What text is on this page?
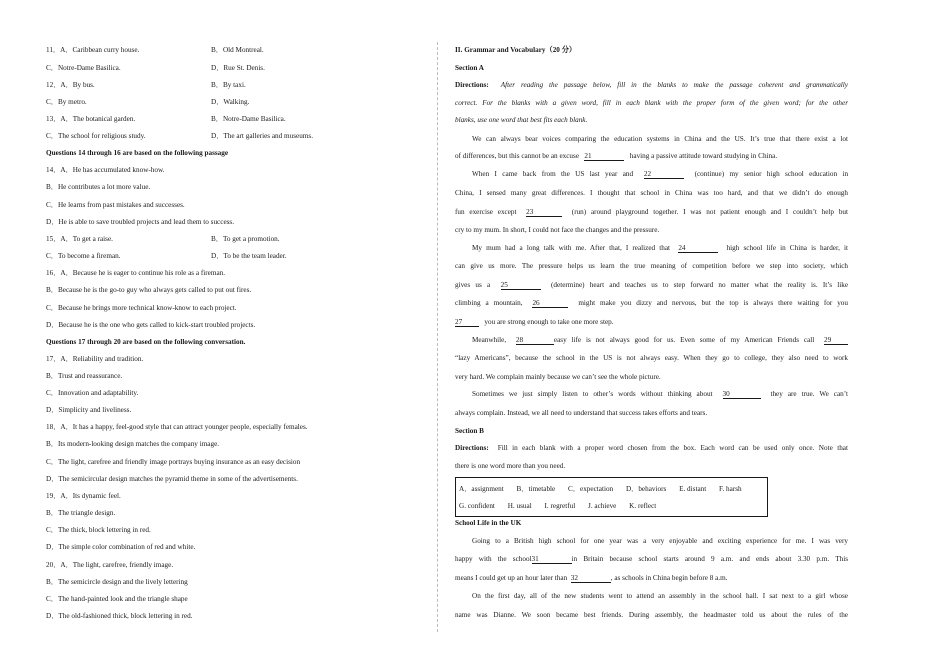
11．A．Caribbean curry house.	B．Old Montreal.
C．Notre-Dame Basilica.	D．Rue St. Denis.
12．A．By bus.	B．By taxi.
C．By metro.	D．Walking.
13．A．The botanical garden.	B．Notre-Dame Basilica.
C．The school for religious study.	D．The art galleries and museums.
Questions 14 through 16 are based on the following passage
14．A．He has accumulated know-how.
B．He contributes a lot more value.
C．He learns from past mistakes and successes.
D．He is able to save troubled projects and lead them to success.
15．A．To get a raise.	B．To get a promotion.
C．To become a fireman.	D．To be the team leader.
16．A．Because he is eager to continue his role as a fireman.
B．Because he is the go-to guy who always gets called to put out fires.
C．Because he brings more technical know-know to each project.
D．Because he is the one who gets called to kick-start troubled projects.
Questions 17 through 20 are based on the following conversation.
17．A．Reliability and tradition.
B．Trust and reassurance.
C．Innovation and adaptability.
D．Simplicity and liveliness.
18．A．It has a happy, feel-good style that can attract younger people, especially females.
B．Its modern-looking design matches the company image.
C．The light, carefree and friendly image portrays buying insurance as an easy decision
D．The semicircular design matches the pyramid theme in some of the advertisements.
19．A．Its dynamic feel.
B．The triangle design.
C．The thick, block lettering in red.
D．The simple color combination of red and white.
20．A．The light, carefree, friendly image.
B．The semicircle design and the lively lettering
C．The hand-painted look and the triangle shape
D．The old-fashioned thick, block lettering in red.
II. Grammar and Vocabulary（20 分）
Section A
Directions: After reading the passage below, fill in the blanks to make the passage coherent and grammatically
correct. For the blanks with a given word, fill in each blank with the proper form of the given word; for the other
blanks, use one word that best fits each blank.
We can always bear voices comparing the education systems in China and the US. It’s true that there exist a lot
of differences, but this cannot be an excuse 21	having a passive attitude toward studying in China.
When I came back from the US last year and 22	(continue) my senior high school education in
China, I sensed many great differences. I thought that school in China was too hard, and that we didn’t do enough
fun exercise except 23	(run) around playground together. I was not patient enough and I couldn’t help but
cry to my mum. In short, I could not face the changes and the pressure.
My mum had a long talk with me. After that, I realized that 24	high school life in China is harder, it
can give us more. The pressure helps us learn the true meaning of competition before we step into society, which
gives us a 25	(determine) heart and teaches us to step forward no matter what the reality is. It’s like
climbing a mountain, 26	might make you dizzy and nervous, but the top is always there waiting for you
27	you are strong enough to take one more step.
Meanwhile, 28	easy life is not always good for us. Even some of my American Friends call 29
“lazy Americans”, because the school in the US is not always easy. When they go to college, they also need to work
very hard. We complain mainly because we can’t see the whole picture.
Sometimes we just simply listen to other’s words without thinking about 30	they are true. We can’t
always complain. Instead, we all need to understand that success takes efforts and tears.
Section B
Directions: Fill in each blank with a proper word chosen from the box. Each word can be used only once. Note that
there is one word more than you need.
A．assignment B．timetable C．expectation D．behaviors E. distant F. harsh
G. confident H. usual I. regretful J. achieve K. reflect
School Life in the UK
Going to a British high school for one year was a very enjoyable and exciting experience for me. I was very
happy with the school31	in Britain because school starts around 9 a.m. and ends about 3.30 p.m. This
means I could get up an hour later than 32	, as schools in China begin before 8 a.m.
On the first day, all of the new students went to attend an assembly in the school hall. I sat next to a girl whose
name was Dianne. We soon became best friends. During assembly, the headmaster told us about the rules of the
